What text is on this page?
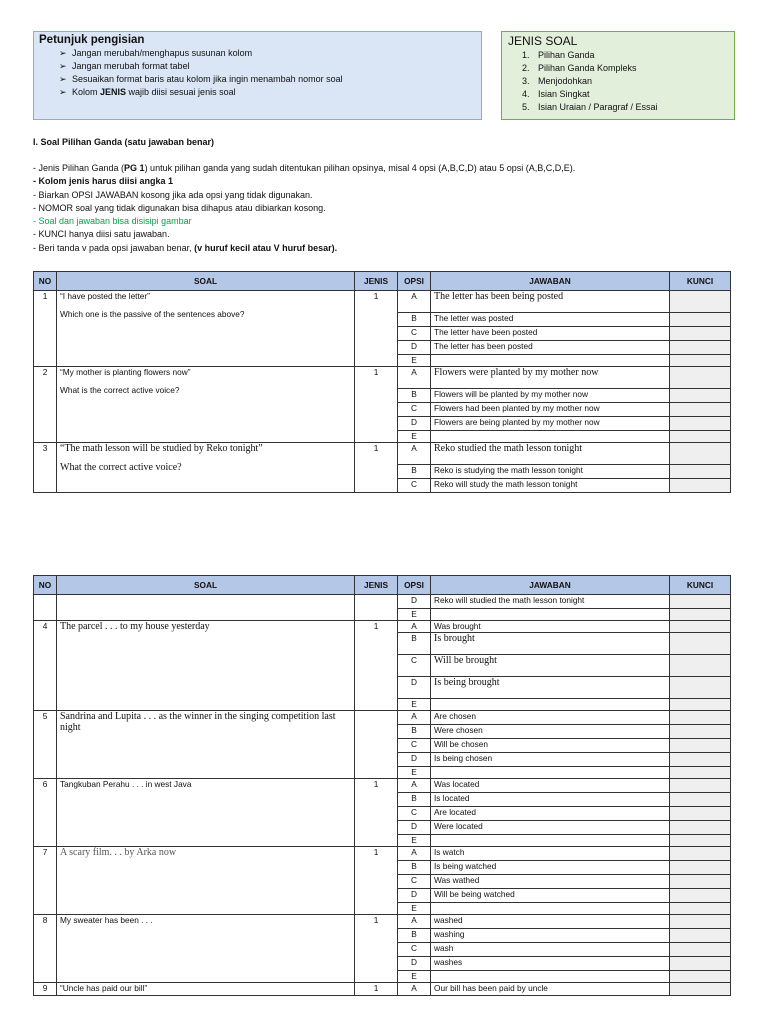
Petunjuk pengisian
➢ Jangan merubah/menghapus susunan kolom
➢ Jangan merubah format tabel
➢ Sesuaikan format baris atau kolom jika ingin menambah nomor soal
➢ Kolom JENIS wajib diisi sesuai jenis soal
JENIS SOAL
1. Pilihan Ganda
2. Pilihan Ganda Kompleks
3. Menjodohkan
4. Isian Singkat
5. Isian Uraian / Paragraf / Essai
I. Soal Pilihan Ganda (satu jawaban benar)
- Jenis Pilihan Ganda (PG 1) untuk pilihan ganda yang sudah ditentukan pilihan opsinya, misal 4 opsi (A,B,C,D) atau 5 opsi (A,B,C,D,E).
- Kolom jenis harus diisi angka 1
- Biarkan OPSI JAWABAN kosong jika ada opsi yang tidak digunakan.
- NOMOR soal yang tidak digunakan bisa dihapus atau dibiarkan kosong.
- Soal dan jawaban bisa disisipi gambar
- KUNCI hanya diisi satu jawaban.
- Beri tanda v pada opsi jawaban benar, (v huruf kecil atau V huruf besar).
NO	SOAL	JENIS	OPSI	JAWABAN	KUNCI
1	“I have posted the letter”
Which one is the passive of the sentences above?	1	A	The letter has been being posted	
			B	The letter was posted	
			C	The letter have been posted	
			D	The letter has been posted	
			E		
2	“My mother is planting flowers now”
What is the correct active voice?	1	A	Flowers were planted by my mother now	
			B	Flowers will be planted by my mother now	
			C	Flowers had been planted by my mother now	
			D	Flowers are being planted by my mother now	
			E		
3	“The math lesson will be studied by Reko tonight”
What the correct active voice?	1	A	Reko studied the math lesson tonight	
			B	Reko is studying the math lesson tonight	
			C	Reko will study the math lesson tonight	
NO	SOAL	JENIS	OPSI	JAWABAN	KUNCI

		D	Reko will studied the math lesson tonight	
			E		
4	The parcel . . . to my house yesterday	1	A	Was brought	
			B	Is brought	
			C	Will be brought	
			D	Is being brought	
			E		
5	Sandrina and Lupita . . . as the winner in the singing competition last night		A	Are chosen	
			B	Were chosen	
			C	Will be chosen	
			D	Is being chosen	
			E		
6	Tangkuban Perahu . . . in west Java	1	A	Was located	
			B	Is located	
			C	Are located	
			D	Were located	
			E		
7	A scary film. . . by Arka now	1	A	Is watch	
			B	Is being watched	
			C	Was wathed	
			D	Will be being watched	
			E		
8	My sweater has been . . .	1	A	washed	
			B	washing	
			C	wash	
			D	washes	
			E		
9	“Uncle has paid our bill”	1	A	Our bill has been paid by uncle	
